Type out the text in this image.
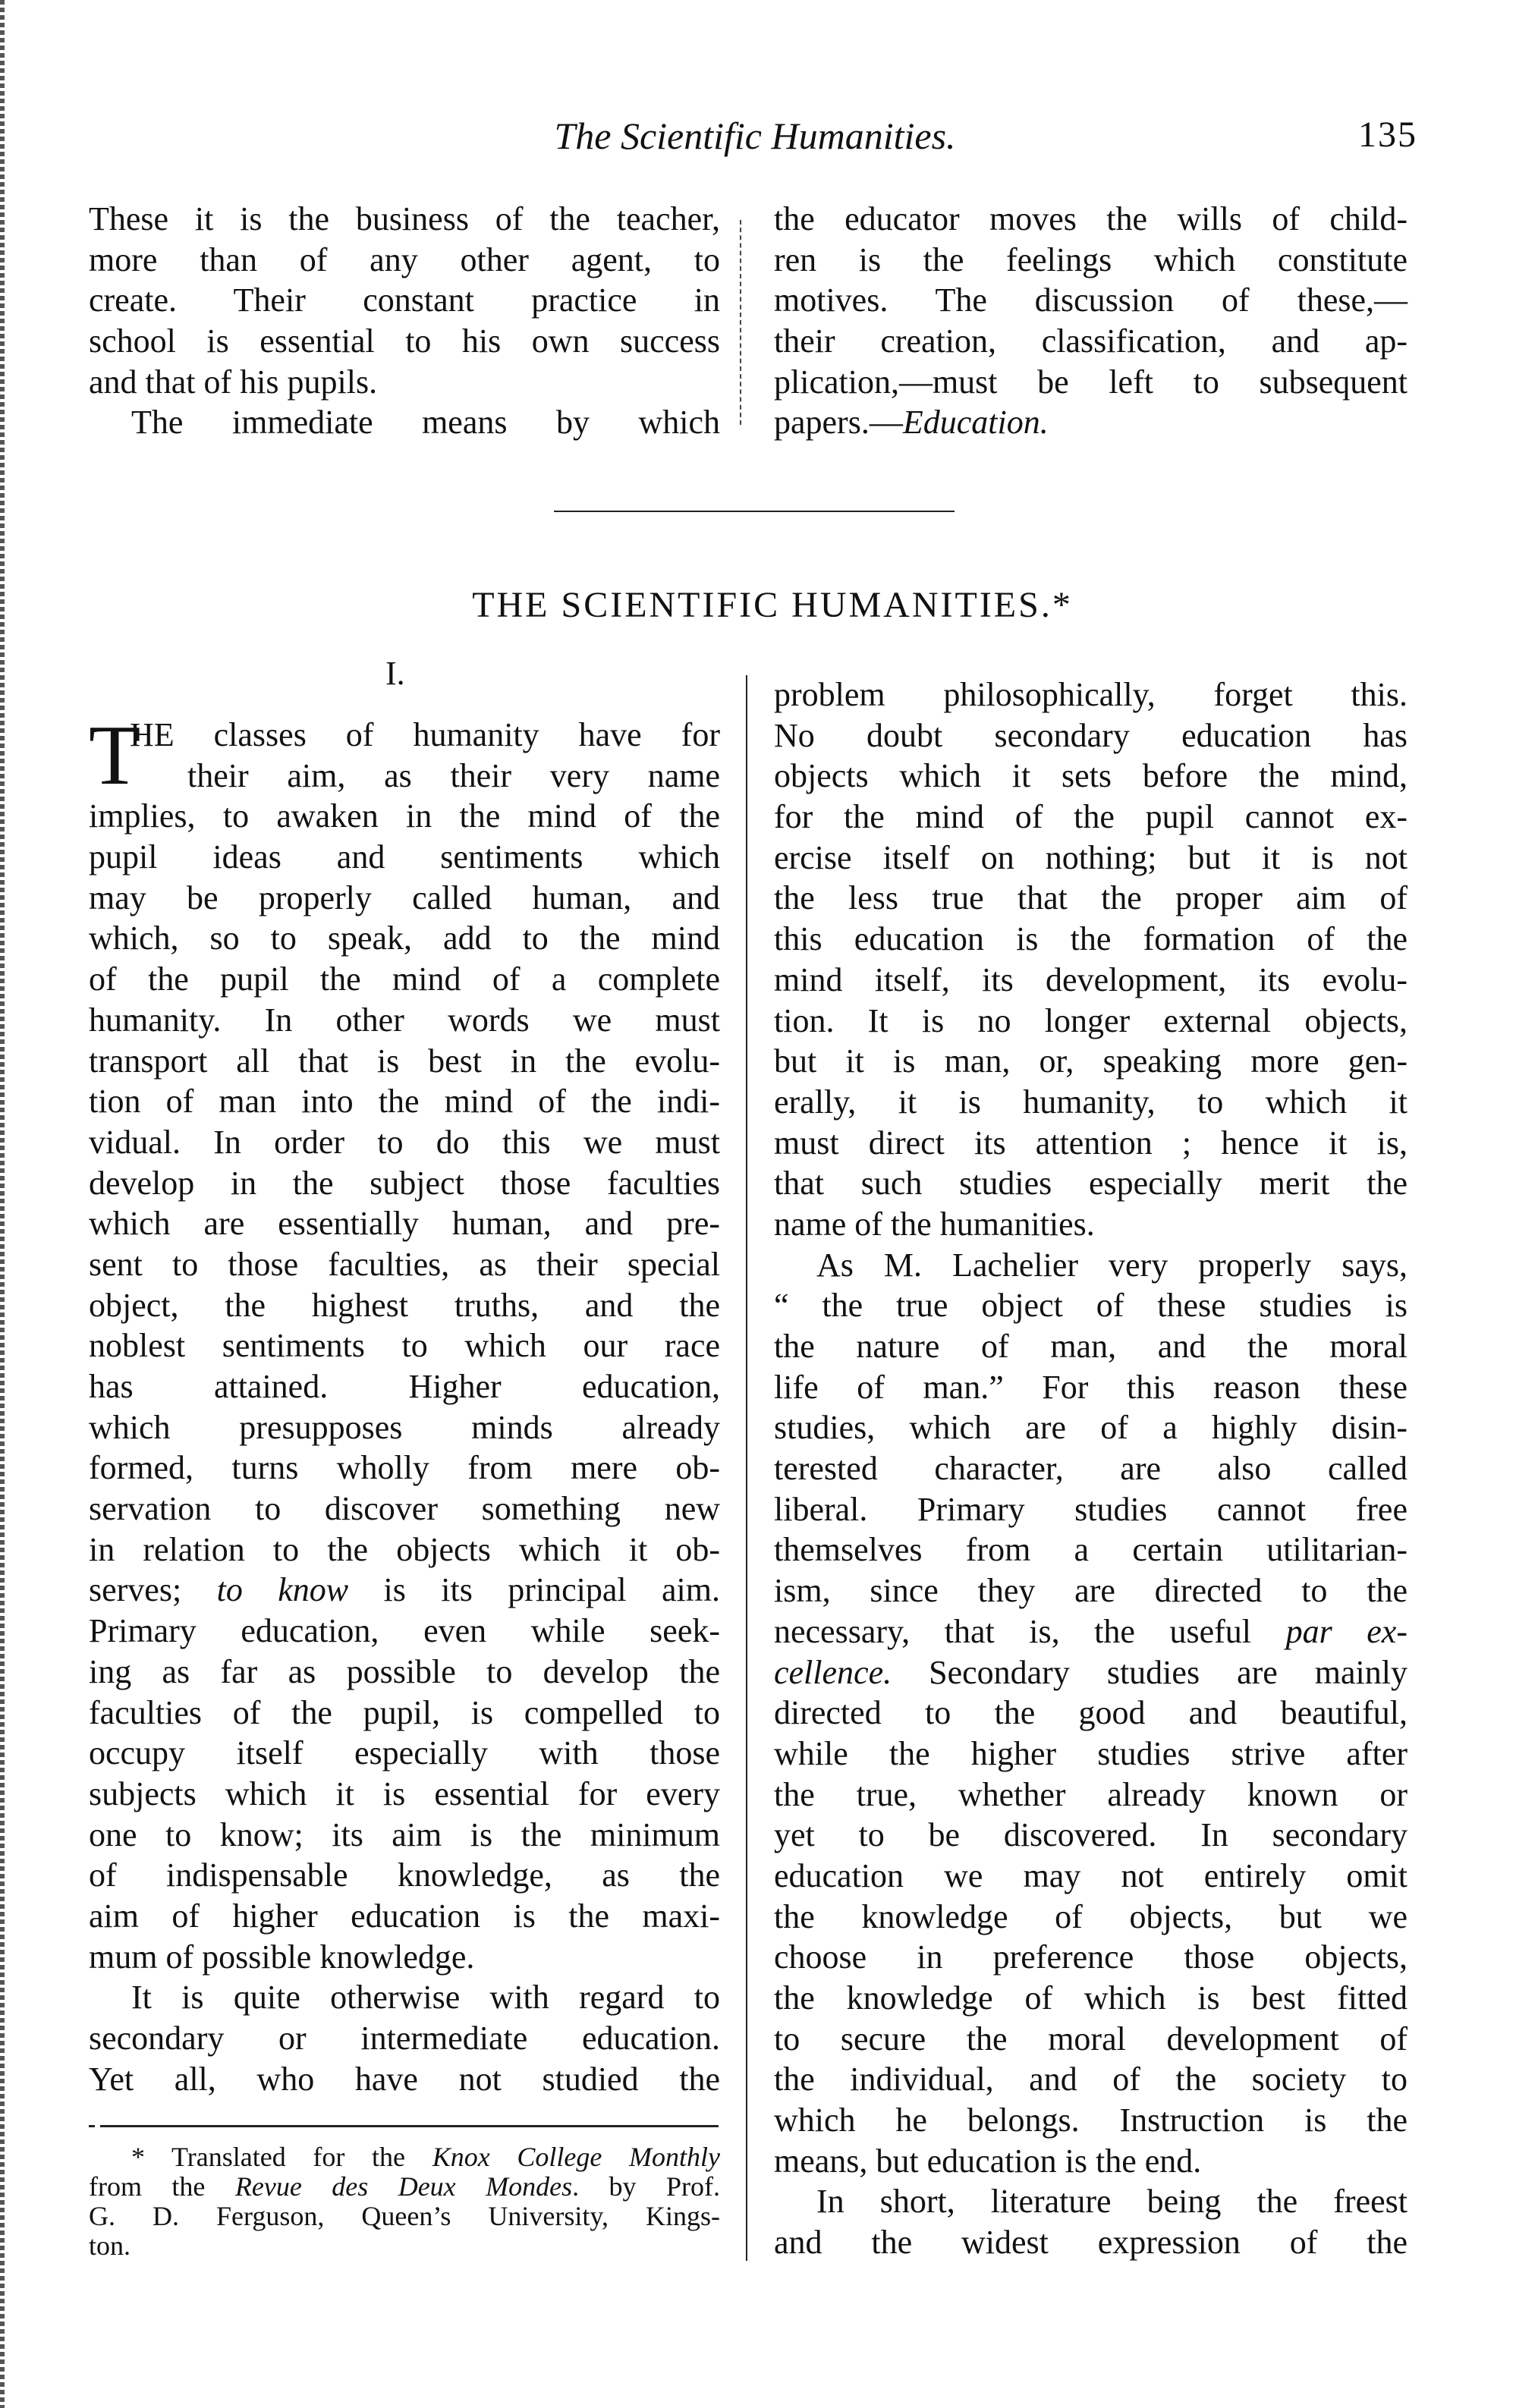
The Scientific Humanities.	135
These it is the business of the teacher,
more than of any other agent, to
create. Their constant practice in
school is essential to his own success
and that of his pupils.
The immediate means by which
the educator moves the wills of child-
ren is the feelings which constitute
motives. The discussion of these,—
their creation, classification, and ap-
plication,—must be left to subsequent
papers.—Education.
THE SCIENTIFIC HUMANITIES.*
I.
T
HE classes of humanity have for
their aim, as their very name
implies, to awaken in the mind of the
pupil ideas and sentiments which
may be properly called human, and
which, so to speak, add to the mind
of the pupil the mind of a complete
humanity. In other words we must
transport all that is best in the evolu-
tion of man into the mind of the indi-
vidual. In order to do this we must
develop in the subject those faculties
which are essentially human, and pre-
sent to those faculties, as their special
object, the highest truths, and the
noblest sentiments to which our race
has attained. Higher education,
which presupposes minds already
formed, turns wholly from mere ob-
servation to discover something new
in relation to the objects which it ob-
serves; to know is its principal aim.
Primary education, even while seek-
ing as far as possible to develop the
faculties of the pupil, is compelled to
occupy itself especially with those
subjects which it is essential for every
one to know; its aim is the minimum
of indispensable knowledge, as the
aim of higher education is the maxi-
mum of possible knowledge.
It is quite otherwise with regard to
secondary or intermediate education.
Yet all, who have not studied the
problem philosophically, forget this.
No doubt secondary education has
objects which it sets before the mind,
for the mind of the pupil cannot ex-
ercise itself on nothing; but it is not
the less true that the proper aim of
this education is the formation of the
mind itself, its development, its evolu-
tion. It is no longer external objects,
but it is man, or, speaking more gen-
erally, it is humanity, to which it
must direct its attention ; hence it is,
that such studies especially merit the
name of the humanities.
As M. Lachelier very properly says,
“ the true object of these studies is
the nature of man, and the moral
life of man.” For this reason these
studies, which are of a highly disin-
terested character, are also called
liberal. Primary studies cannot free
themselves from a certain utilitarian-
ism, since they are directed to the
necessary, that is, the useful par ex-
cellence. Secondary studies are mainly
directed to the good and beautiful,
while the higher studies strive after
the true, whether already known or
yet to be discovered. In secondary
education we may not entirely omit
the knowledge of objects, but we
choose in preference those objects,
the knowledge of which is best fitted
to secure the moral development of
the individual, and of the society to
which he belongs. Instruction is the
means, but education is the end.
In short, literature being the freest
and the widest expression of the
* Translated for the Knox College Monthly
from the Revue des Deux Mondes. by Prof.
G. D. Ferguson, Queen’s University, Kings-
ton.
